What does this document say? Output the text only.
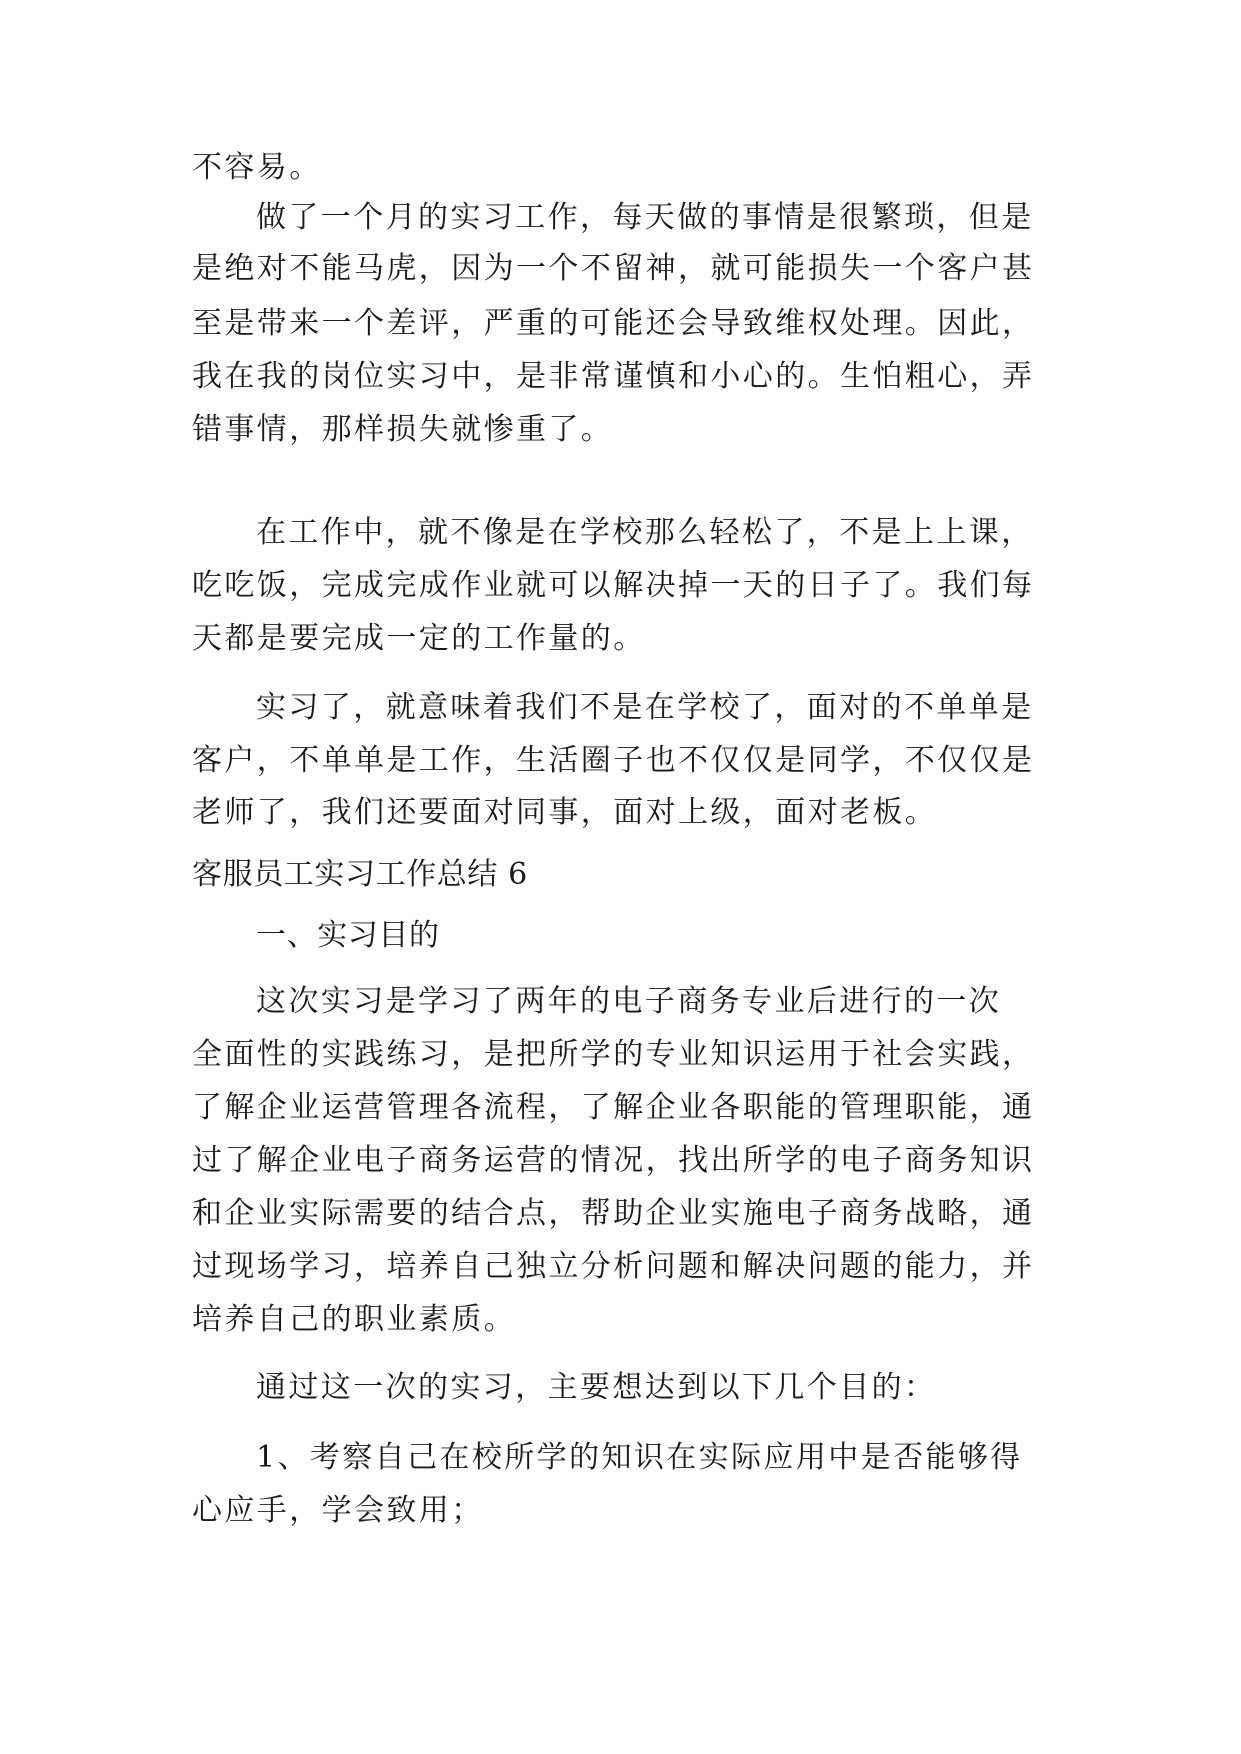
不容易。
做了一个月的实习工作，每天做的事情是很繁琐，但是
是绝对不能马虎，因为一个不留神，就可能损失一个客户甚
至是带来一个差评，严重的可能还会导致维权处理。因此，
我在我的岗位实习中，是非常谨慎和小心的。生怕粗心，弄
错事情，那样损失就惨重了。
在工作中，就不像是在学校那么轻松了，不是上上课，
吃吃饭，完成完成作业就可以解决掉一天的日子了。我们每
天都是要完成一定的工作量的。
实习了，就意味着我们不是在学校了，面对的不单单是
客户，不单单是工作，生活圈子也不仅仅是同学，不仅仅是
老师了，我们还要面对同事，面对上级，面对老板。
客服员工实习工作总结 6
一、实习目的
这次实习是学习了两年的电子商务专业后进行的一次
全面性的实践练习，是把所学的专业知识运用于社会实践，
了解企业运营管理各流程，了解企业各职能的管理职能，通
过了解企业电子商务运营的情况，找出所学的电子商务知识
和企业实际需要的结合点，帮助企业实施电子商务战略，通
过现场学习，培养自己独立分析问题和解决问题的能力，并
培养自己的职业素质。
通过这一次的实习，主要想达到以下几个目的：
1、考察自己在校所学的知识在实际应用中是否能够得
心应手，学会致用；
